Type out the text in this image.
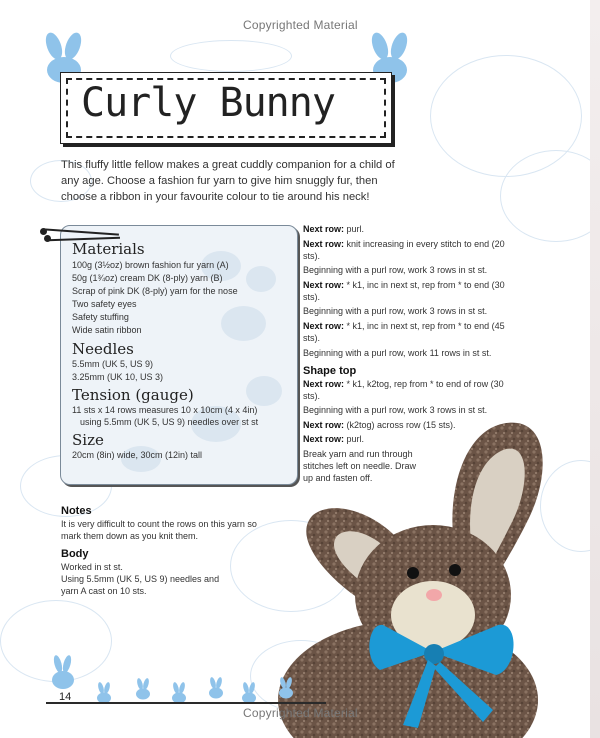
Copyrighted Material
Curly Bunny
This fluffy little fellow makes a great cuddly companion for a child of any age. Choose a fashion fur yarn to give him snuggly fur, then choose a ribbon in your favourite colour to tie around his neck!
Materials
100g (3½oz) brown fashion fur yarn (A)
50g (1¾oz) cream DK (8-ply) yarn (B)
Scrap of pink DK (8-ply) yarn for the nose
Two safety eyes
Safety stuffing
Wide satin ribbon
Needles
5.5mm (UK 5, US 9)
3.25mm (UK 10, US 3)
Tension (gauge)
11 sts x 14 rows measures 10 x 10cm (4 x 4in)
using 5.5mm (UK 5, US 9) needles over st st
Size
20cm (8in) wide, 30cm (12in) tall

Next row: purl.

Next row: knit increasing in every stitch to end (20 sts).

Beginning with a purl row, work 3 rows in st st.

Next row: * k1, inc in next st, rep from * to end (30 sts).

Beginning with a purl row, work 3 rows in st st.

Next row: * k1, inc in next st, rep from * to end (45 sts).

Beginning with a purl row, work 11 rows in st st.

Shape top

Next row: * k1, k2tog, rep from * to end of row (30 sts).

Beginning with a purl row, work 3 rows in st st.

Next row: (k2tog) across row (15 sts).

Next row: purl.

Break yarn and run through stitches left on needle. Draw up and fasten off.

Notes

It is very difficult to count the rows on this yarn so mark them down as you knit them.

Body

Worked in st st.

Using 5.5mm (UK 5, US 9) needles and yarn A cast on 10 sts.

14
Copyrighted Material
